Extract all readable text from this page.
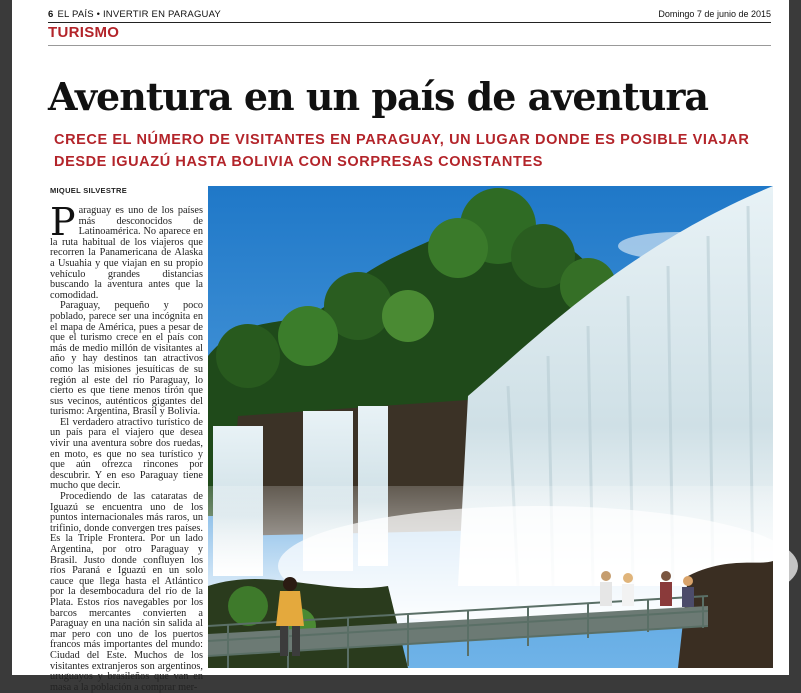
6 EL PAÍS • INVERTIR EN PARAGUAY	Domingo 7 de junio de 2015
TURISMO
Aventura en un país de aventura
CRECE EL NÚMERO DE VISITANTES EN PARAGUAY, UN LUGAR DONDE ES POSIBLE VIAJAR
DESDE IGUAZÚ HASTA BOLIVIA CON SORPRESAS CONSTANTES
MIQUEL SILVESTRE

Paraguay es uno de los países más desconocidos de Latinoamérica. No aparece en la ruta habitual de los viajeros que recorren la Panamericana de Alaska a Usuahia y que viajan en su propio vehículo grandes distancias buscando la aventura antes que la comodidad.

Paraguay, pequeño y poco poblado, parece ser una incógnita en el mapa de América, pues a pesar de que el turismo crece en el país con más de medio millón de visitantes al año y hay destinos tan atractivos como las misiones jesuíticas de su región al este del río Paraguay, lo cierto es que tiene menos tirón que sus vecinos, auténticos gigantes del turismo: Argentina, Brasil y Bolivia.

El verdadero atractivo turístico de un país para el viajero que desea vivir una aventura sobre dos ruedas, en moto, es que no sea turístico y que aún ofrezca rincones por descubrir. Y en eso Paraguay tiene mucho que decir.

Procediendo de las cataratas de Iguazú se encuentra uno de los puntos internacionales más raros, un trifinio, donde convergen tres países. Es la Triple Frontera. Por un lado Argentina, por otro Paraguay y Brasil. Justo donde confluyen los ríos Paraná e Iguazú en un solo cauce que llega hasta el Atlántico por la desembocadura del río de la Plata. Estos ríos navegables por los barcos mercantes convierten a Paraguay en una nación sin salida al mar pero con uno de los puertos francos más importantes del mundo: Ciudad del Este. Muchos de los visitantes extranjeros son argentinos, uruguayos y brasileños que van en masa a la población a comprar mer-
